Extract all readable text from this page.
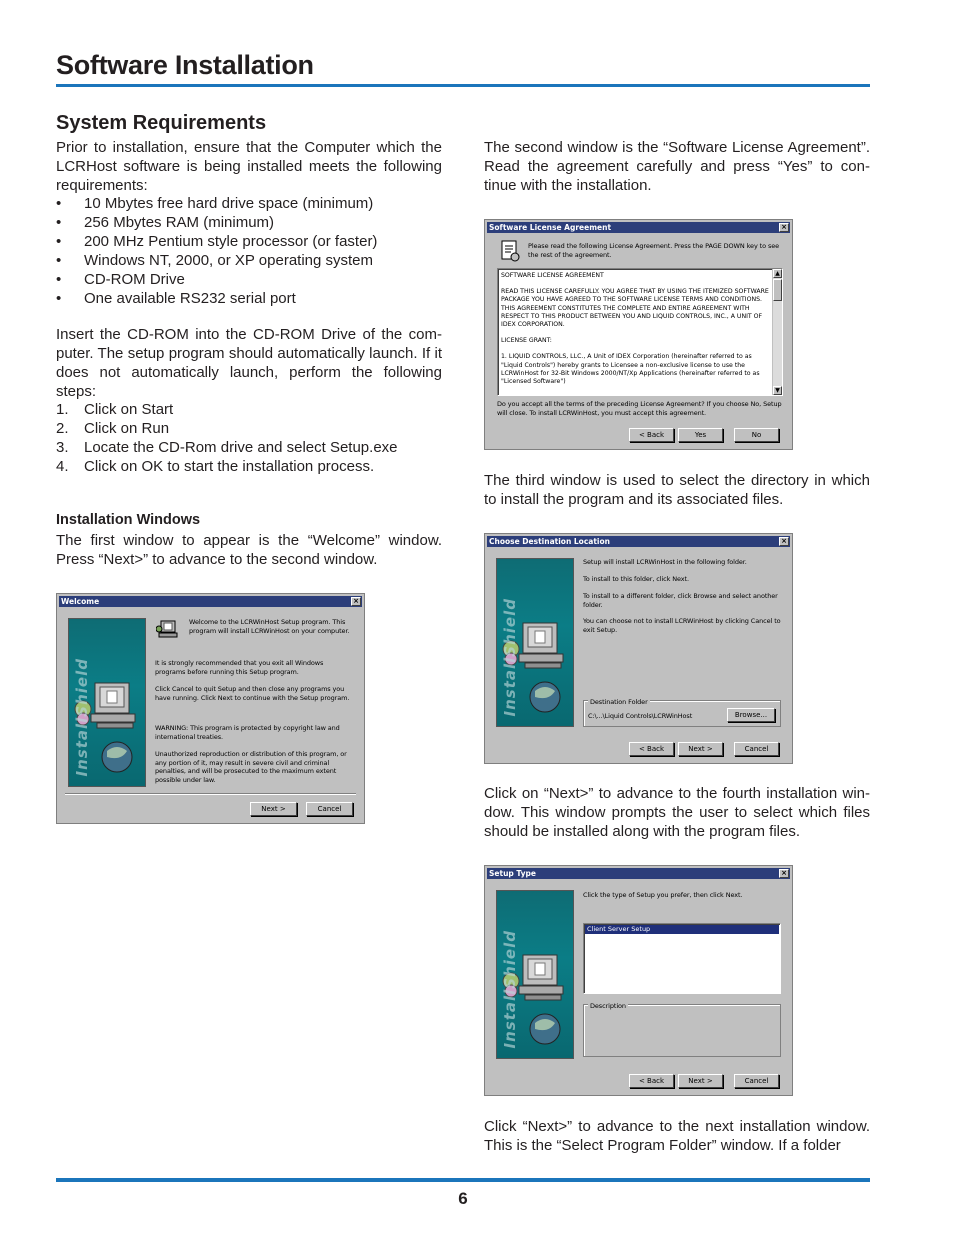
Software Installation
System Requirements
Prior to installation, ensure that the Computer which the LCRHost software is being installed meets the following requirements:
• 10 Mbytes free hard drive space (minimum)
• 256 Mbytes RAM (minimum)
• 200 MHz Pentium style processor (or faster)
• Windows NT, 2000, or XP operating system
• CD-ROM Drive
• One available RS232 serial port
Insert the CD-ROM into the CD-ROM Drive of the com- puter. The setup program should automatically launch. If it does not automatically launch, perform the following steps:
1. Click on Start
2. Click on Run
3. Locate the CD-Rom drive and select Setup.exe
4. Click on OK to start the installation process.
Installation Windows
The first window to appear is the “Welcome” window. Press “Next>” to advance to the second window.
Welcome	×
InstallShield
Welcome to the LCRWinHost Setup program. This program will install LCRWinHost on your computer.
It is strongly recommended that you exit all Windows programs before running this Setup program.
Click Cancel to quit Setup and then close any programs you have running. Click Next to continue with the Setup program.
WARNING: This program is protected by copyright law and international treaties.
Unauthorized reproduction or distribution of this program, or any portion of it, may result in severe civil and criminal penalties, and will be prosecuted to the maximum extent possible under law.
Next >	Cancel
The second window is the “Software License Agreement”. Read the agreement carefully and press “Yes” to con- tinue with the installation.
Software License Agreement	×
Please read the following License Agreement. Press the PAGE DOWN key to see the rest of the agreement.
SOFTWARE LICENSE AGREEMENT
READ THIS LICENSE CAREFULLY. YOU AGREE THAT BY USING THE ITEMIZED SOFTWARE PACKAGE YOU HAVE AGREED TO THE SOFTWARE LICENSE TERMS AND CONDITIONS. THIS AGREEMENT CONSTITUTES THE COMPLETE AND ENTIRE AGREEMENT WITH RESPECT TO THIS PRODUCT BETWEEN YOU AND LIQUID CONTROLS, INC., A UNIT OF IDEX CORPORATION.
LICENSE GRANT:
1. LIQUID CONTROLS, LLC., A Unit of IDEX Corporation (hereinafter referred to as "Liquid Controls") hereby grants to Licensee a non-exclusive license to use the LCRWinHost for 32-Bit Windows 2000/NT/Xp Applications (hereinafter referred to as "Licensed Software")
▲
▼
Do you accept all the terms of the preceding License Agreement? If you choose No, Setup will close. To install LCRWinHost, you must accept this agreement.
< Back	Yes	No
The third window is used to select the directory in which to install the program and its associated files.
Choose Destination Location	×
InstallShield
Setup will install LCRWinHost in the following folder.
To install to this folder, click Next.
To install to a different folder, click Browse and select another folder.
You can choose not to install LCRWinHost by clicking Cancel to exit Setup.
Destination Folder
C:\...\Liquid Controls\LCRWinHost	Browse...
< Back	Next >	Cancel
Click on “Next>” to advance to the fourth installation win- dow. This window prompts the user to select which files should be installed along with the program files.
Setup Type	×
InstallShield
Click the type of Setup you prefer, then click Next.
Client Server Setup
Description
< Back	Next >	Cancel
Click “Next>” to advance to the next installation window. This is the “Select Program Folder” window. If a folder
6
